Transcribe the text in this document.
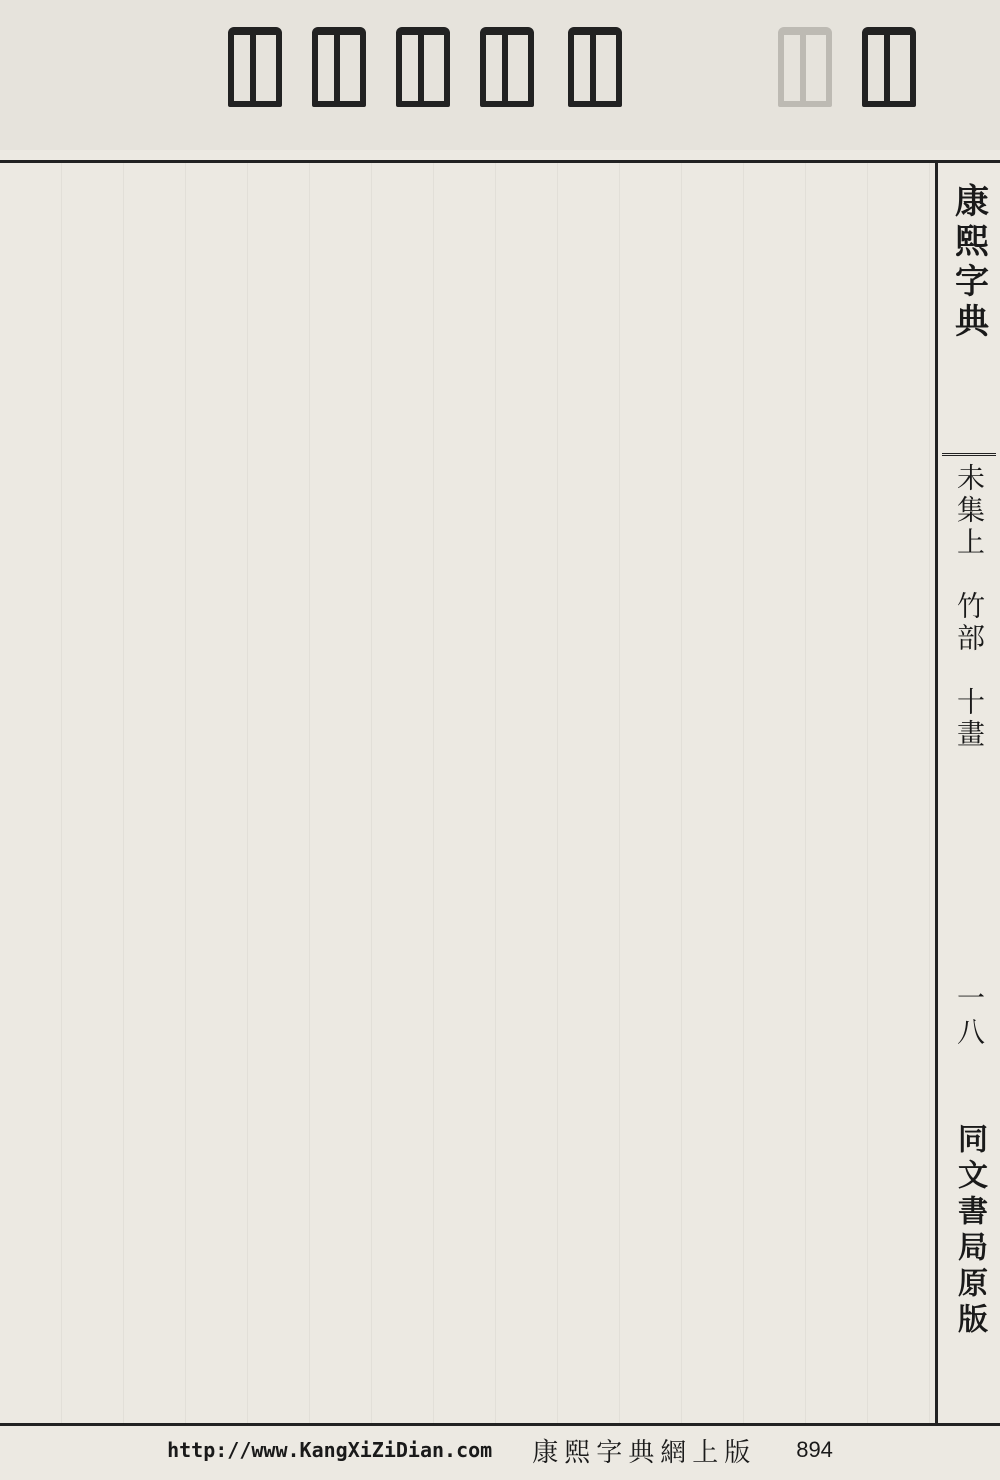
康熙字典
未集上　竹部　十畫
一八
同文書局原版
http://www.KangXiZiDian.com 康熙字典網上版 894
